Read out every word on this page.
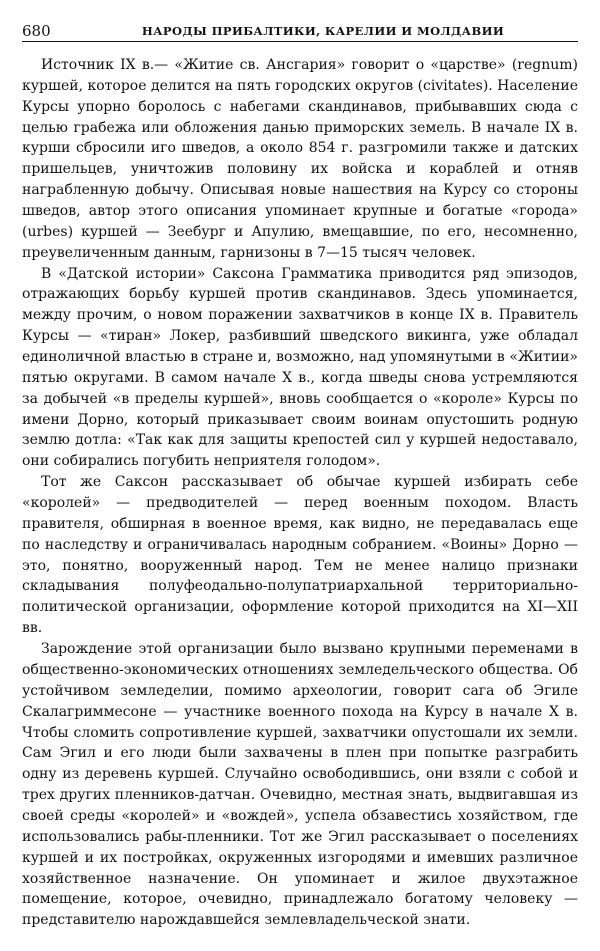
680	НАРОДЫ ПРИБАЛТИКИ, КАРЕЛИИ И МОЛДАВИИ

Источник IX в.— «Житие св. Ансгария» говорит о «царстве» (regnum) куршей, которое делится на пять городских округов (civitates). Население Курсы упорно боролось с набегами скандинавов, прибывавших сюда с целью грабежа или обложения данью приморских земель. В начале IX в. курши сбросили иго шведов, а около 854 г. разгромили также и датских пришельцев, уничтожив половину их войска и кораблей и отняв награбленную добычу. Описывая новые нашествия на Курсу со стороны шведов, автор этого описания упоминает крупные и богатые «города» (urbes) куршей — Зеебург и Апулию, вмещавшие, по его, несомненно, преувеличенным данным, гарнизоны в 7—15 тысяч человек.

В «Датской истории» Саксона Грамматика приводится ряд эпизодов, отражающих борьбу куршей против скандинавов. Здесь упоминается, между прочим, о новом поражении захватчиков в конце IX в. Правитель Курсы — «тиран» Локер, разбивший шведского викинга, уже обладал единоличной властью в стране и, возможно, над упомянутыми в «Житии» пятью округами. В самом начале X в., когда шведы снова устремляются за добычей «в пределы куршей», вновь сообщается о «короле» Курсы по имени Дорно, который приказывает своим воинам опустошить родную землю дотла: «Так как для защиты крепостей сил у куршей недоставало, они собирались погубить неприятеля голодом».

Тот же Саксон рассказывает об обычае куршей избирать себе «королей» — предводителей — перед военным походом. Власть правителя, обширная в военное время, как видно, не передавалась еще по наследству и ограничивалась народным собранием. «Воины» Дорно — это, понятно, вооруженный народ. Тем не менее налицо признаки складывания полуфеодально-полупатриархальной территориально-политической организации, оформление которой приходится на XI—XII вв.

Зарождение этой организации было вызвано крупными переменами в общественно-экономических отношениях земледельческого общества. Об устойчивом земледелии, помимо археологии, говорит сага об Эгиле Скалагриммесоне — участнике военного похода на Курсу в начале X в. Чтобы сломить сопротивление куршей, захватчики опустошали их земли. Сам Эгил и его люди были захвачены в плен при попытке разграбить одну из деревень куршей. Случайно освободившись, они взяли с собой и трех других пленников-датчан. Очевидно, местная знать, выдвигавшая из своей среды «королей» и «вождей», успела обзавестись хозяйством, где использовались рабы-пленники. Тот же Эгил рассказывает о поселениях куршей и их постройках, окруженных изгородями и имевших различное хозяйственное назначение. Он упоминает и жилое двухэтажное помещение, которое, очевидно, принадлежало богатому человеку — представителю нарождавшейся землевладельческой знати.
